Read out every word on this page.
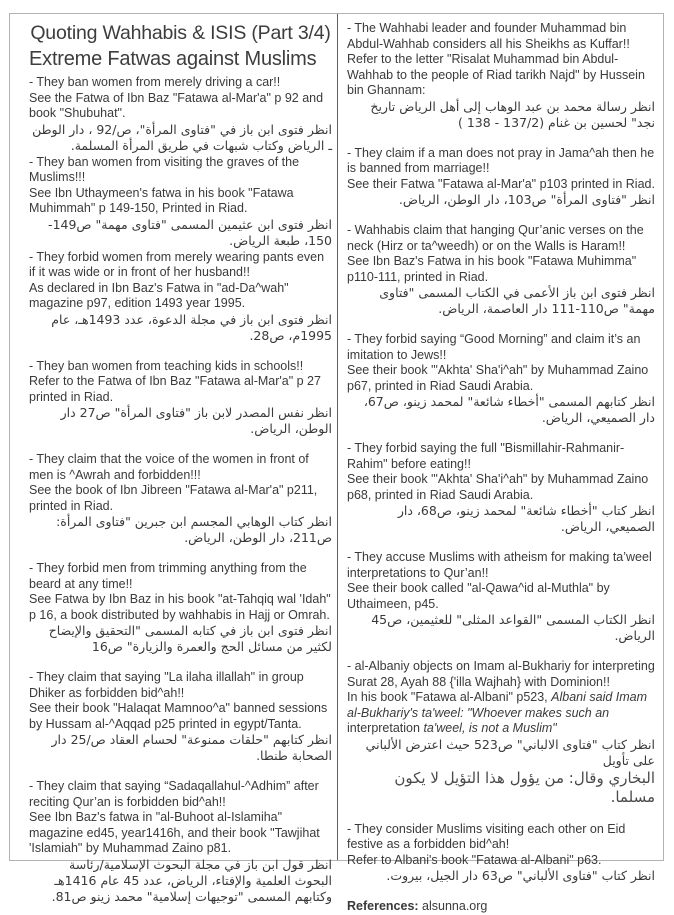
Quoting Wahhabis & ISIS (Part 3/4)
Extreme Fatwas against Muslims
- They ban women from merely driving a car!!
See the Fatwa of Ibn Baz "Fatawa al-Mar'a" p 92 and book "Shubuhat".
انظر فتوى ابن باز في "فتاوى المرأة"، ص/92 ، دار الوطن ـ الرياض وكتاب شبهات في طريق المرأة المسلمة.
- They ban women from visiting the graves of the Muslims!!!
See Ibn Uthaymeen's fatwa in his book "Fatawa Muhimmah" p 149-150, Printed in Riad.
انظر فتوى ابن عثيمين المسمى "فتاوى مهمة" ص149-150، طبعة الرياض.
- They forbid women from merely wearing pants even if it was wide or in front of her husband!!
As declared in Ibn Baz's Fatwa in "ad-Da^wah" magazine p97, edition 1493 year 1995.
انظر فتوى ابن باز في مجلة الدعوة، عدد 1493هـ، عام 1995م، ص28.
- They ban women from teaching kids in schools!!
Refer to the Fatwa of Ibn Baz "Fatawa al-Mar'a" p 27 printed in Riad.
انظر نفس المصدر لابن باز "فتاوى المرأة" ص27 دار الوطن، الرياض.
- They claim that the voice of the women in front of men is ^Awrah and forbidden!!!
See the book of Ibn Jibreen "Fatawa al-Mar'a" p211, printed in Riad.
انظر كتاب الوهابي المجسم ابن جبرين "فتاوى المرأة: ص211، دار الوطن، الرياض.
- They forbid men from trimming anything from the beard at any time!!
See Fatwa by Ibn Baz in his book "at-Tahqiq wal 'Idah" p 16, a book distributed by wahhabis in Hajj or Omrah.
انظر فتوى ابن باز في كتابه المسمى "التحقيق والإيضاح لكثير من مسائل الحج والعمرة والزيارة" ص16
- They claim that saying "La ilaha illallah" in group Dhiker as forbidden bid^ah!!
See their book "Halaqat Mamnoo^a" banned sessions by Hussam al-^Aqqad p25 printed in egypt/Tanta.
انظر كتابهم "حلقات ممنوعة" لحسام العقاد ص/25 دار الصحابة طنطا.
- They claim that saying “Sadaqallahul-^Adhim” after reciting Qur’an is forbidden bid^ah!!
See Ibn Baz's fatwa in "al-Buhoot al-Islamiha" magazine ed45, year1416h, and their book "Tawjihat 'Islamiah" by Muhammad Zaino p81.
انظر قول ابن باز في مجلة البحوث الإسلامية/رئاسة البحوث العلمية والإفتاء، الرياض، عدد 45 عام 1416هـ وكتابهم المسمى "توجيهات إسلامية" محمد زينو ص81.
- The Wahhabi leader and founder Muhammad bin Abdul-Wahhab considers all his Sheikhs as Kuffar!!
Refer to the letter "Risalat Muhammad bin Abdul-Wahhab to the people of Riad tarikh Najd" by Hussein bin Ghannam:
انظر رسالة محمد بن عبد الوهاب إلى أهل الرياض تاريخ نجد" لحسين بن غنام (137/2 - 138 )
- They claim if a man does not pray in Jama^ah then he is banned from marriage!!
See their Fatwa "Fatawa al-Mar'a" p103 printed in Riad.
انظر "فتاوى المرأة" ص103، دار الوطن، الرياض.
- Wahhabis claim that hanging Qur’anic verses on the neck (Hirz or ta^weedh) or on the Walls is Haram!!
See Ibn Baz's Fatwa in his book "Fatawa Muhimma" p110-111, printed in Riad.
انظر فتوى ابن باز الأعمى في الكتاب المسمى "فتاوى مهمة" ص110-111 دار العاصمة، الرياض.
- They forbid saying “Good Morning” and claim it’s an imitation to Jews!!
See their book "'Akhta' Sha'i^ah" by Muhammad Zaino p67, printed in Riad Saudi Arabia.
انظر كتابهم المسمى "أخطاء شائعة" لمحمد زينو، ص67، دار الصميعي، الرياض.
- They forbid saying the full "Bismillahir-Rahmanir-Rahim" before eating!!
See their book "'Akhta' Sha'i^ah" by Muhammad Zaino p68, printed in Riad Saudi Arabia.
انظر كتاب "أخطاء شائعة" لمحمد زينو، ص68، دار الصميعي، الرياض.
- They accuse Muslims with atheism for making ta’weel interpretations to Qur’an!!
See their book called "al-Qawa^id al-Muthla" by Uthaimeen, p45.
انظر الكتاب المسمى "القواعد المثلى" للعثيمين، ص45 الرياض.
- al-Albaniy objects on Imam al-Bukhariy for interpreting Surat 28, Ayah 88 {'illa Wajhah} with Dominion!!
In his book "Fatawa al-Albani" p523, Albani said Imam al-Bukhariy's ta'weel: "Whoever makes such an interpretation ta'weel, is not a Muslim"
انظر كتاب "فتاوى الالباني" ص523 حيث اعترض الألباني على تأويل
البخاري وقال: من يؤول هذا التؤيل لا يكون مسلما.
- They consider Muslims visiting each other on Eid festive as a forbidden bid^ah!
Refer to Albani's book "Fatawa al-Albani" p63.
انظر كتاب "فتاوى الألباني" ص63 دار الجيل، بيروت.
References: alsunna.org
